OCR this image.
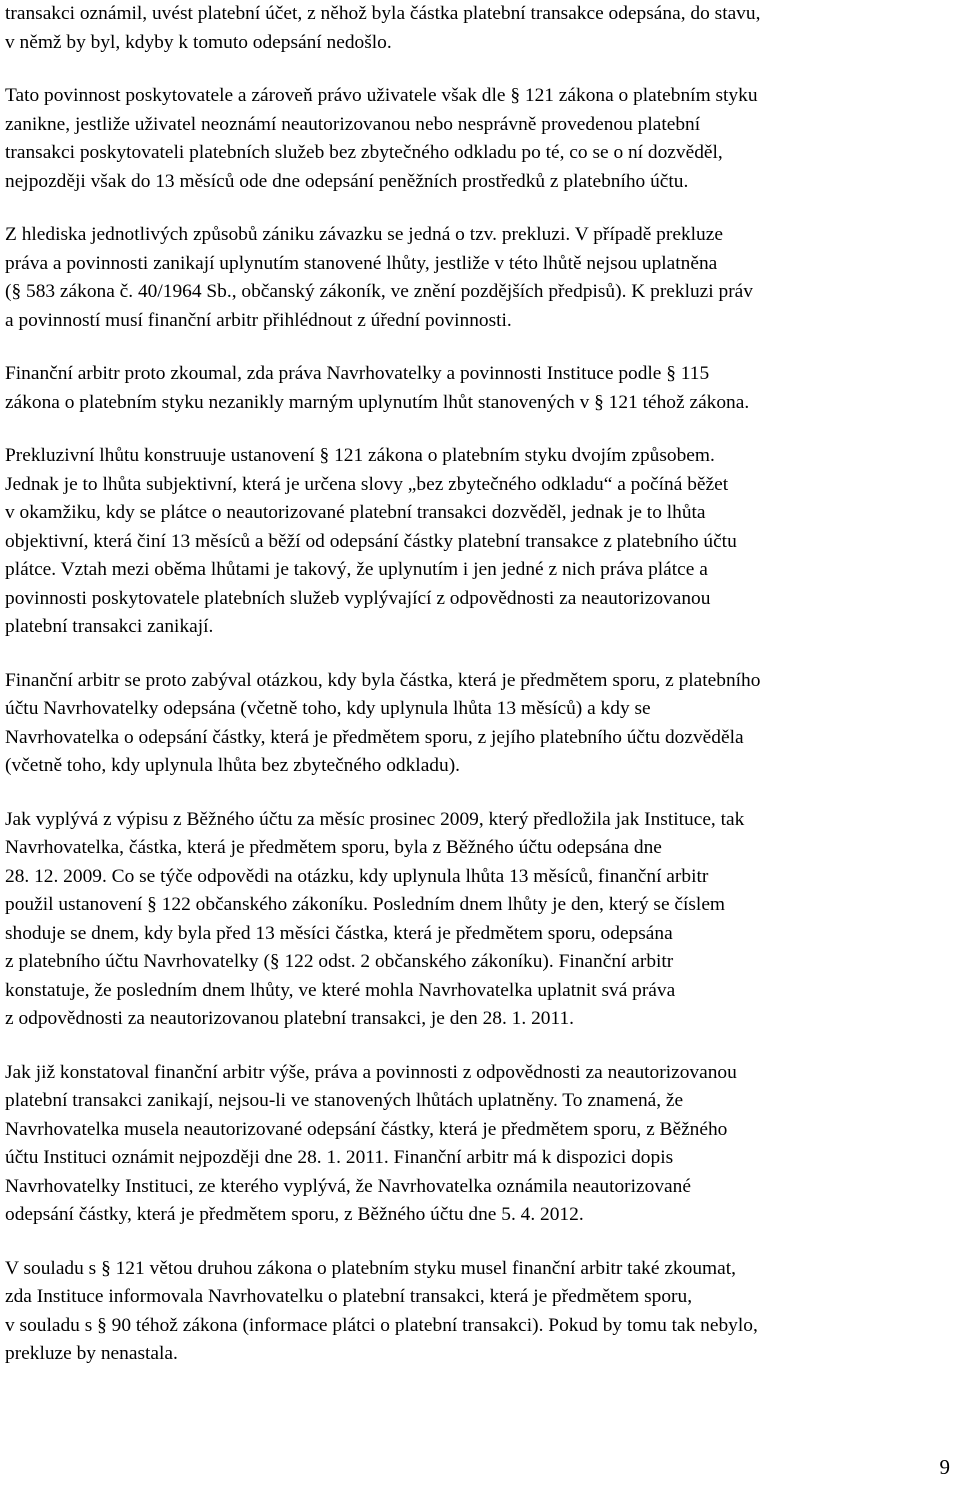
transakci oznámil, uvést platební účet, z něhož byla částka platební transakce odepsána, do stavu,
v němž by byl, kdyby k tomuto odepsání nedošlo.

Tato povinnost poskytovatele a zároveň právo uživatele však dle § 121 zákona o platebním styku
zanikne, jestliže uživatel neoznámí neautorizovanou nebo nesprávně provedenou platební
transakci poskytovateli platebních služeb bez zbytečného odkladu po té, co se o ní dozvěděl,
nejpozději však do 13 měsíců ode dne odepsání peněžních prostředků z platebního účtu.

Z hlediska jednotlivých způsobů zániku závazku se jedná o tzv. prekluzi. V případě prekluze
práva a povinnosti zanikají uplynutím stanovené lhůty, jestliže v této lhůtě nejsou uplatněna
(§ 583 zákona č. 40/1964 Sb., občanský zákoník, ve znění pozdějších předpisů). K prekluzi práv
a povinností musí finanční arbitr přihlédnout z úřední povinnosti.

Finanční arbitr proto zkoumal, zda práva Navrhovatelky a povinnosti Instituce podle § 115
zákona o platebním styku nezanikly marným uplynutím lhůt stanovených v § 121 téhož zákona.

Prekluzivní lhůtu konstruuje ustanovení § 121 zákona o platebním styku dvojím způsobem.
Jednak je to lhůta subjektivní, která je určena slovy „bez zbytečného odkladu“ a počíná běžet
v okamžiku, kdy se plátce o neautorizované platební transakci dozvěděl, jednak je to lhůta
objektivní, která činí 13 měsíců a běží od odepsání částky platební transakce z platebního účtu
plátce. Vztah mezi oběma lhůtami je takový, že uplynutím i jen jedné z nich práva plátce a
povinnosti poskytovatele platebních služeb vyplývající z odpovědnosti za neautorizovanou
platební transakci zanikají.

Finanční arbitr se proto zabýval otázkou, kdy byla částka, která je předmětem sporu, z platebního
účtu Navrhovatelky odepsána (včetně toho, kdy uplynula lhůta 13 měsíců) a kdy se
Navrhovatelka o odepsání částky, která je předmětem sporu, z jejího platebního účtu dozvěděla
(včetně toho, kdy uplynula lhůta bez zbytečného odkladu).

Jak vyplývá z výpisu z Běžného účtu za měsíc prosinec 2009, který předložila jak Instituce, tak
Navrhovatelka, částka, která je předmětem sporu, byla z Běžného účtu odepsána dne
28. 12. 2009. Co se týče odpovědi na otázku, kdy uplynula lhůta 13 měsíců, finanční arbitr
použil ustanovení § 122 občanského zákoníku. Posledním dnem lhůty je den, který se číslem
shoduje se dnem, kdy byla před 13 měsíci částka, která je předmětem sporu, odepsána
z platebního účtu Navrhovatelky (§ 122 odst. 2 občanského zákoníku). Finanční arbitr
konstatuje, že posledním dnem lhůty, ve které mohla Navrhovatelka uplatnit svá práva
z odpovědnosti za neautorizovanou platební transakci, je den 28. 1. 2011.

Jak již konstatoval finanční arbitr výše, práva a povinnosti z odpovědnosti za neautorizovanou
platební transakci zanikají, nejsou-li ve stanovených lhůtách uplatněny. To znamená, že
Navrhovatelka musela neautorizované odepsání částky, která je předmětem sporu, z Běžného
účtu Instituci oznámit nejpozději dne 28. 1. 2011. Finanční arbitr má k dispozici dopis
Navrhovatelky Instituci, ze kterého vyplývá, že Navrhovatelka oznámila neautorizované
odepsání částky, která je předmětem sporu, z Běžného účtu dne 5. 4. 2012.

V souladu s § 121 větou druhou zákona o platebním styku musel finanční arbitr také zkoumat,
zda Instituce informovala Navrhovatelku o platební transakci, která je předmětem sporu,
v souladu s § 90 téhož zákona (informace plátci o platební transakci). Pokud by tomu tak nebylo,
prekluze by nenastala.

9
